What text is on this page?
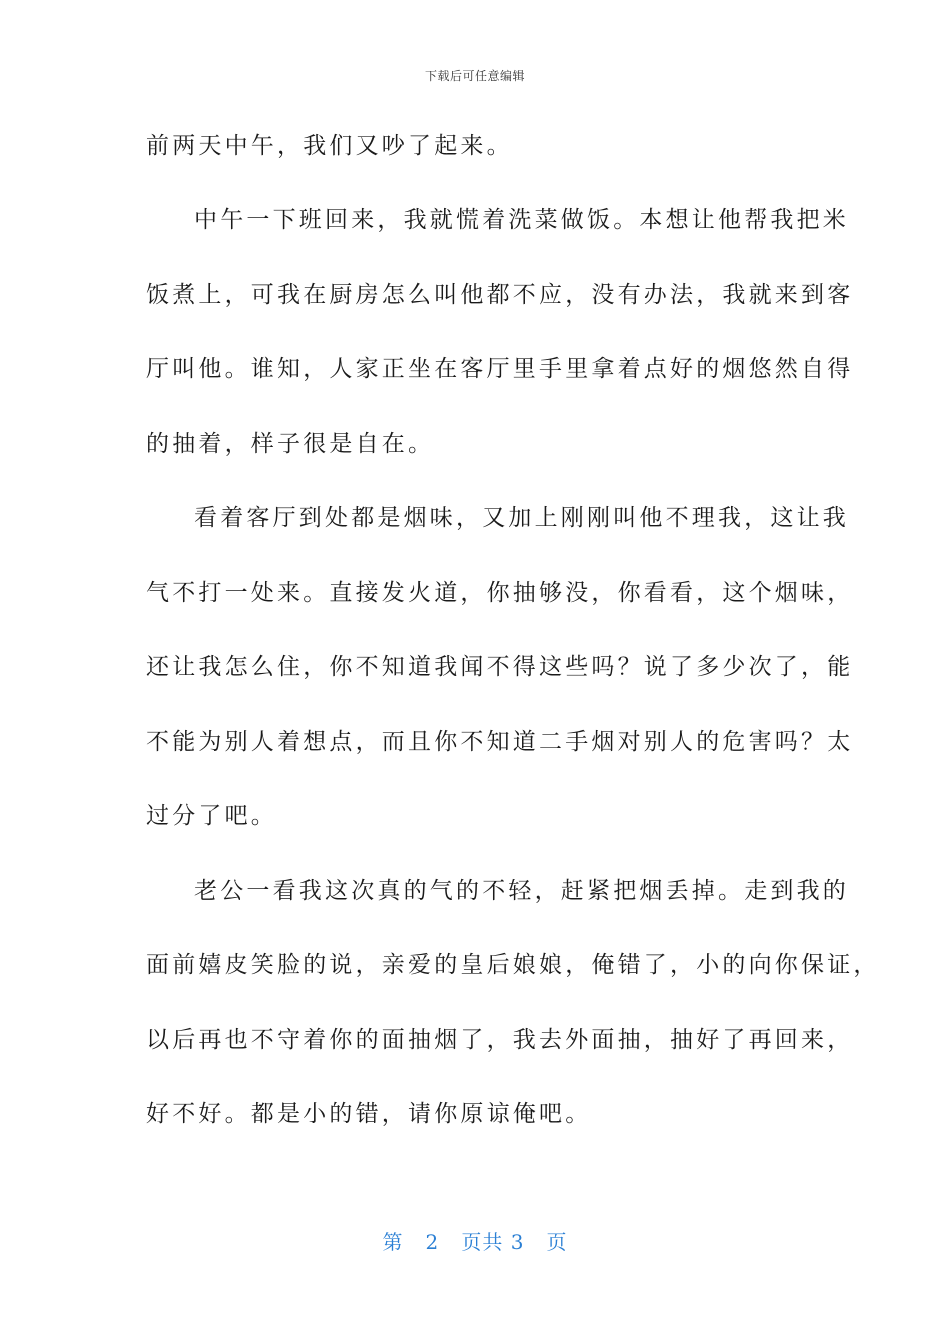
下载后可任意编辑
前两天中午，我们又吵了起来。
中午一下班回来，我就慌着洗菜做饭。本想让他帮我把米
饭煮上，可我在厨房怎么叫他都不应，没有办法，我就来到客
厅叫他。谁知，人家正坐在客厅里手里拿着点好的烟悠然自得
的抽着，样子很是自在。
看着客厅到处都是烟味，又加上刚刚叫他不理我，这让我
气不打一处来。直接发火道，你抽够没，你看看，这个烟味，
还让我怎么住，你不知道我闻不得这些吗？说了多少次了，能
不能为别人着想点，而且你不知道二手烟对别人的危害吗？太
过分了吧。
老公一看我这次真的气的不轻，赶紧把烟丢掉。走到我的
面前嬉皮笑脸的说，亲爱的皇后娘娘，俺错了，小的向你保证，
以后再也不守着你的面抽烟了，我去外面抽，抽好了再回来，
好不好。都是小的错，请你原谅俺吧。
第 2 页共 3 页
